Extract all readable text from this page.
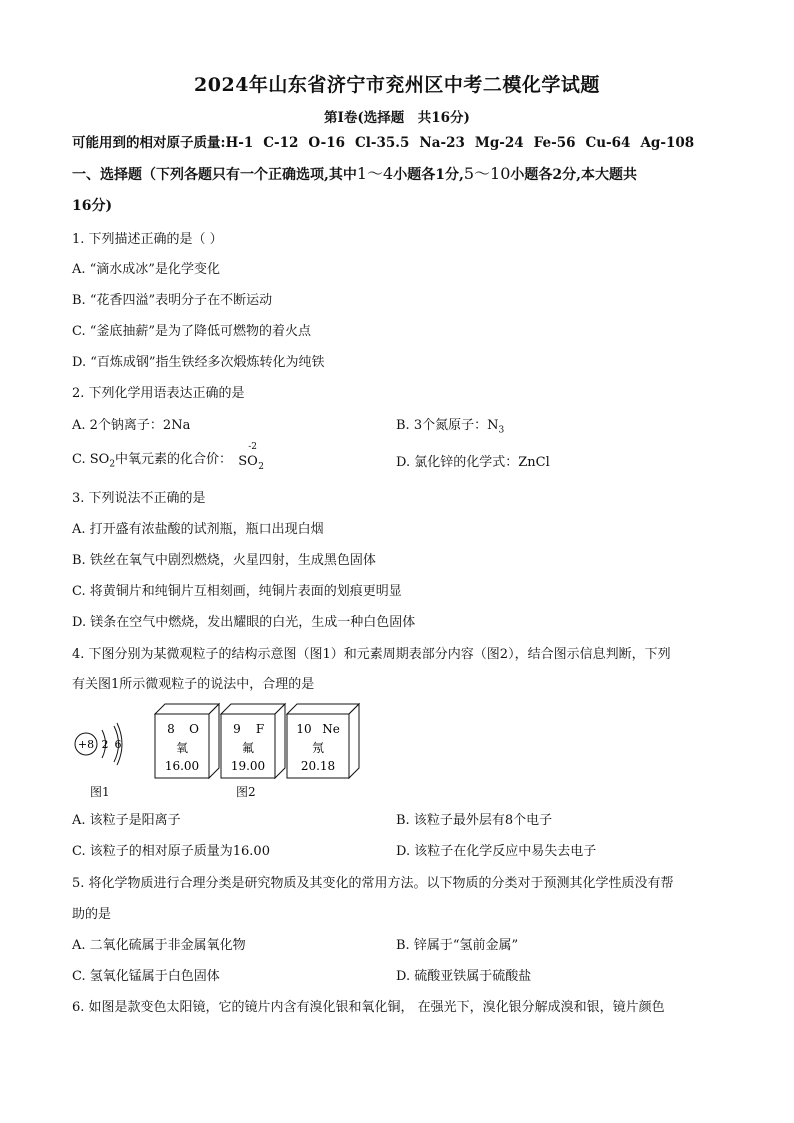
2024年山东省济宁市兖州区中考二模化学试题
第I卷(选择题　共16分)
可能用到的相对原子质量:H-1 C-12 O-16 Cl-35.5 Na-23 Mg-24 Fe-56 Cu-64 Ag-108
一、选择题（下列各题只有一个正确选项,其中1～4小题各1分,5～10小题各2分,本大题共
16分)
1. 下列描述正确的是（ ）
A. “滴水成冰”是化学变化
B. “花香四溢”表明分子在不断运动
C. “釜底抽薪”是为了降低可燃物的着火点
D. “百炼成钢”指生铁经多次煅炼转化为纯铁
2. 下列化学用语表达正确的是
A. 2个钠离子：2Na	B. 3个氮原子：$N_3$
C. $SO_2$中氧元素的化合价：
-2
SO 2	D. 氯化锌的化学式：ZnCl
3. 下列说法不正确的是
A. 打开盛有浓盐酸的试剂瓶，瓶口出现白烟
B. 铁丝在氧气中剧烈燃烧，火星四射，生成黑色固体
C. 将黄铜片和纯铜片互相刻画，纯铜片表面的划痕更明显
D. 镁条在空气中燃烧，发出耀眼的白光，生成一种白色固体
4. 下图分别为某微观粒子的结构示意图（图1）和元素周期表部分内容（图2），结合图示信息判断，下列
有关图1所示微观粒子的说法中，合理的是
+8 2 6
8 O
氧
16.00
9 F
氟
19.00
10 Ne
氖
20.18
图1	图2
A. 该粒子是阳离子	B. 该粒子最外层有8个电子
C. 该粒子的相对原子质量为16.00	D. 该粒子在化学反应中易失去电子
5. 将化学物质进行合理分类是研究物质及其变化的常用方法。以下物质的分类对于预测其化学性质没有帮
助的是
A. 二氧化硫属于非金属氧化物	B. 锌属于“氢前金属”
C. 氢氧化锰属于白色固体	D. 硫酸亚铁属于硫酸盐
6. 如图是款变色太阳镜，它的镜片内含有溴化银和氧化铜， 在强光下，溴化银分解成溴和银，镜片颜色
